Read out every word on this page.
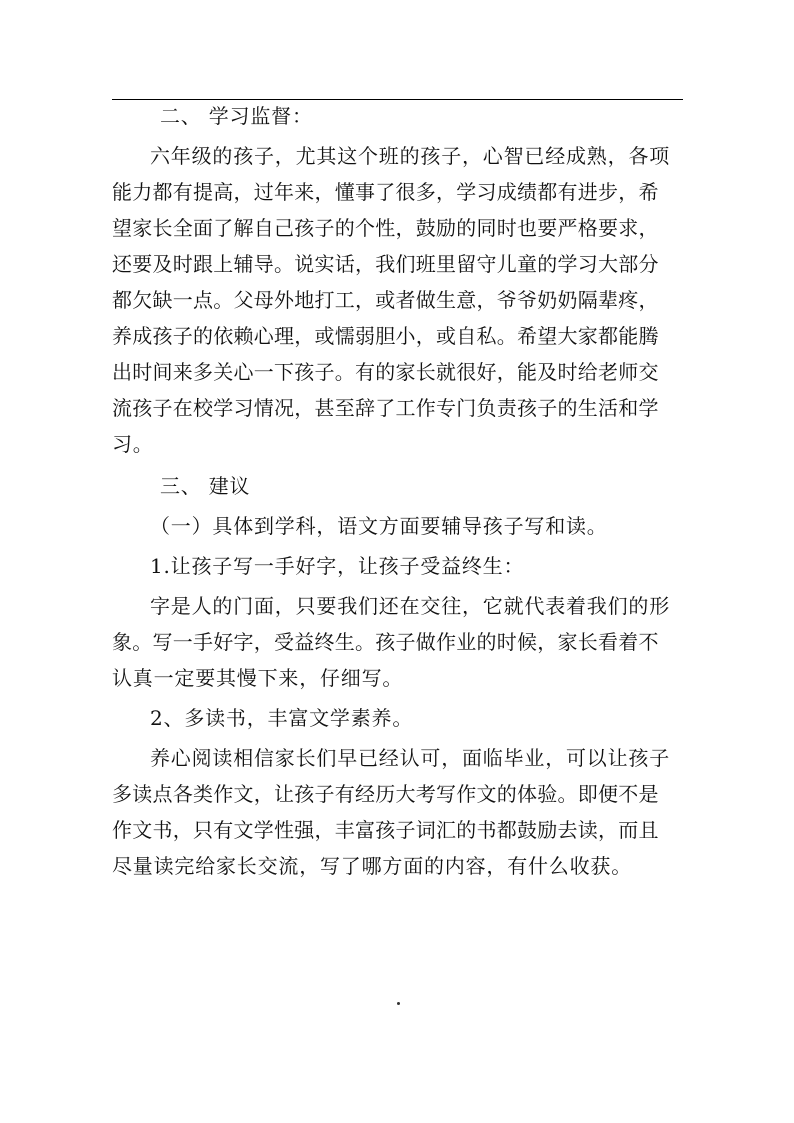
二、 学习监督：
六年级的孩子，尤其这个班的孩子，心智已经成熟，各项
能力都有提高，过年来，懂事了很多，学习成绩都有进步，希
望家长全面了解自己孩子的个性，鼓励的同时也要严格要求，
还要及时跟上辅导。说实话，我们班里留守儿童的学习大部分
都欠缺一点。父母外地打工，或者做生意，爷爷奶奶隔辈疼，
养成孩子的依赖心理，或懦弱胆小，或自私。希望大家都能腾
出时间来多关心一下孩子。有的家长就很好，能及时给老师交
流孩子在校学习情况，甚至辞了工作专门负责孩子的生活和学
习。
三、 建议
（一）具体到学科，语文方面要辅导孩子写和读。
1.让孩子写一手好字，让孩子受益终生：
字是人的门面，只要我们还在交往，它就代表着我们的形
象。写一手好字，受益终生。孩子做作业的时候，家长看着不
认真一定要其慢下来，仔细写。
2、多读书，丰富文学素养。
养心阅读相信家长们早已经认可，面临毕业，可以让孩子
多读点各类作文，让孩子有经历大考写作文的体验。即便不是
作文书，只有文学性强，丰富孩子词汇的书都鼓励去读，而且
尽量读完给家长交流，写了哪方面的内容，有什么收获。
